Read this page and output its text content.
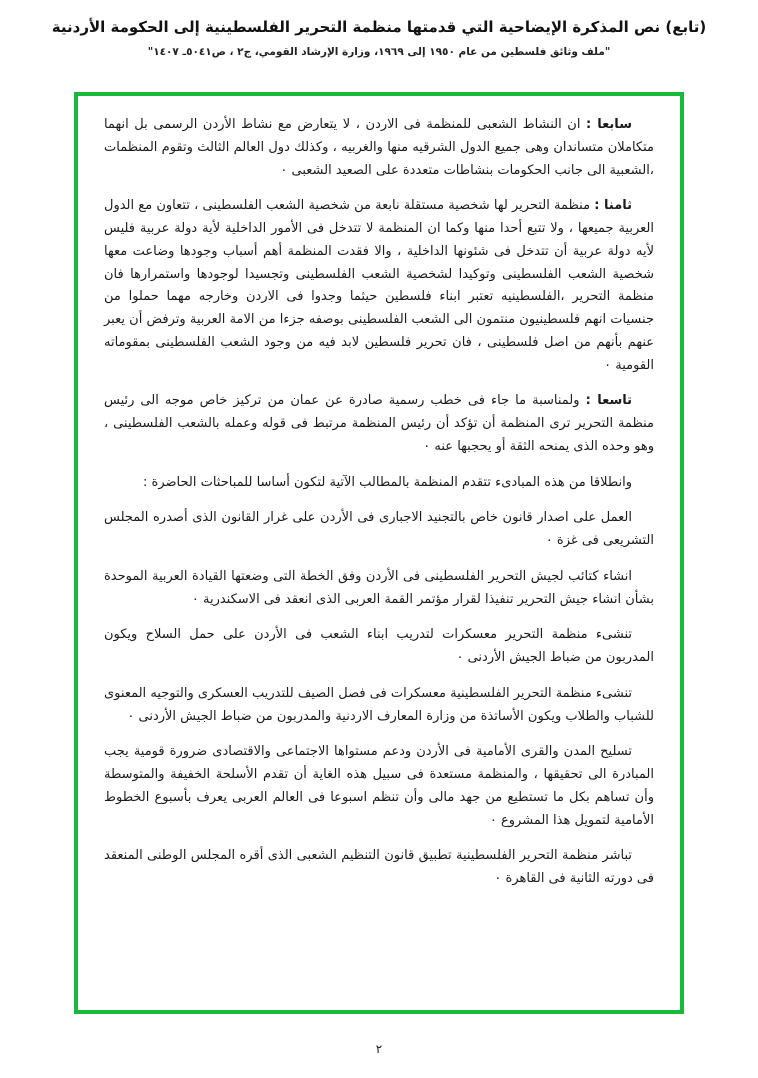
(تابع) نص المذكرة الإيضاحية التي قدمتها منظمة التحرير الفلسطينية إلى الحكومة الأردنية
"ملف وثائق فلسطين من عام ١٩٥٠ إلى ١٩٦٩، وزارة الإرشاد القومي، ج٢ ، ص٥٠٤١ـ ١٤٠٧"

سابعا : ان النشاط الشعبى للمنظمة فى الاردن ، لا يتعارض مع نشاط الأردن الرسمى بل انهما متكاملان متساندان وهى جميع الدول الشرقيه منها والغربيه ، وكذلك دول العالم الثالث وتقوم المنظمات ،الشعبية الى جانب الحكومات بنشاطات متعددة على الصعيد الشعبى ٠

ثامنا : منظمة التحرير لها شخصية مستقلة نابعة من شخصية الشعب الفلسطينى ، تتعاون مع الدول العربية جميعها ، ولا تتبع أحدا منها وكما ان المنظمة لا تتدخل فى الأمور الداخلية لأية دولة عربية فليس لأيه دولة عربية أن تتدخل فى شئونها الداخلية ، والا فقدت المنظمة أهم أسباب وجودها وضاعت معها شخصية الشعب الفلسطينى وتوكيدا لشخصية الشعب الفلسطينى وتجسيدا لوجودها واستمرارها فان منظمة التحرير ،الفلسطينيه تعتبر ابناء فلسطين حيثما وجدوا فى الاردن وخارجه مهما حملوا من جنسيات انهم فلسطينيون منتمون الى الشعب الفلسطينى بوصفه جزءا من الامة العربية وترفض أن يعبر عنهم بأنهم من اصل فلسطينى ، فان تحرير فلسطين لابد فيه من وجود الشعب الفلسطينى بمقوماته القومية ٠

تاسعا : ولمناسبة ما جاء فى خطب رسمية صادرة عن عمان من تركيز خاص موجه الى رئيس منظمة التحرير ترى المنظمة أن تؤكد أن رئيس المنظمة مرتبط فى قوله وعمله بالشعب الفلسطينى ، وهو وحده الذى يمنحه الثقة أو يحجبها عنه ٠

وانطلاقا من هذه المبادىء تتقدم المنظمة بالمطالب الآتية لتكون أساسا للمباحثات الحاضرة :

العمل على اصدار قانون خاص بالتجنيد الاجبارى فى الأردن على غرار القانون الذى أصدره المجلس التشريعى فى غزة ٠

انشاء كتائب لجيش التحرير الفلسطينى فى الأردن وفق الخطة التى وضعتها القيادة العربية الموحدة بشأن انشاء جيش التحرير تنفيذا لقرار مؤتمر القمة العربى الذى انعقد فى الاسكندرية ٠

تنشىء منظمة التحرير معسكرات لتدريب ابناء الشعب فى الأردن على حمل السلاح ويكون المدربون من ضباط الجيش الأردنى ٠

تنشىء منظمة التحرير الفلسطينية معسكرات فى فصل الصيف للتدريب العسكرى والتوجيه المعنوى للشباب والطلاب ويكون الأساتذة من وزارة المعارف الاردنية والمدربون من ضباط الجيش الأردنى ٠

تسليح المدن والقرى الأمامية فى الأردن ودعم مستواها الاجتماعى والاقتصادى ضرورة قومية يجب المبادرة الى تحقيقها ، والمنظمة مستعدة فى سبيل هذه الغاية أن تقدم الأسلحة الخفيفة والمتوسطة وأن تساهم بكل ما تستطيع من جهد مالى وأن تنظم اسبوعا فى العالم العربى يعرف بأسبوع الخطوط الأمامية لتمويل هذا المشروع ٠

تباشر منظمة التحرير الفلسطينية تطبيق قانون التنظيم الشعبى الذى أقره المجلس الوطنى المنعقد فى دورته الثانية فى القاهرة ٠

٢
